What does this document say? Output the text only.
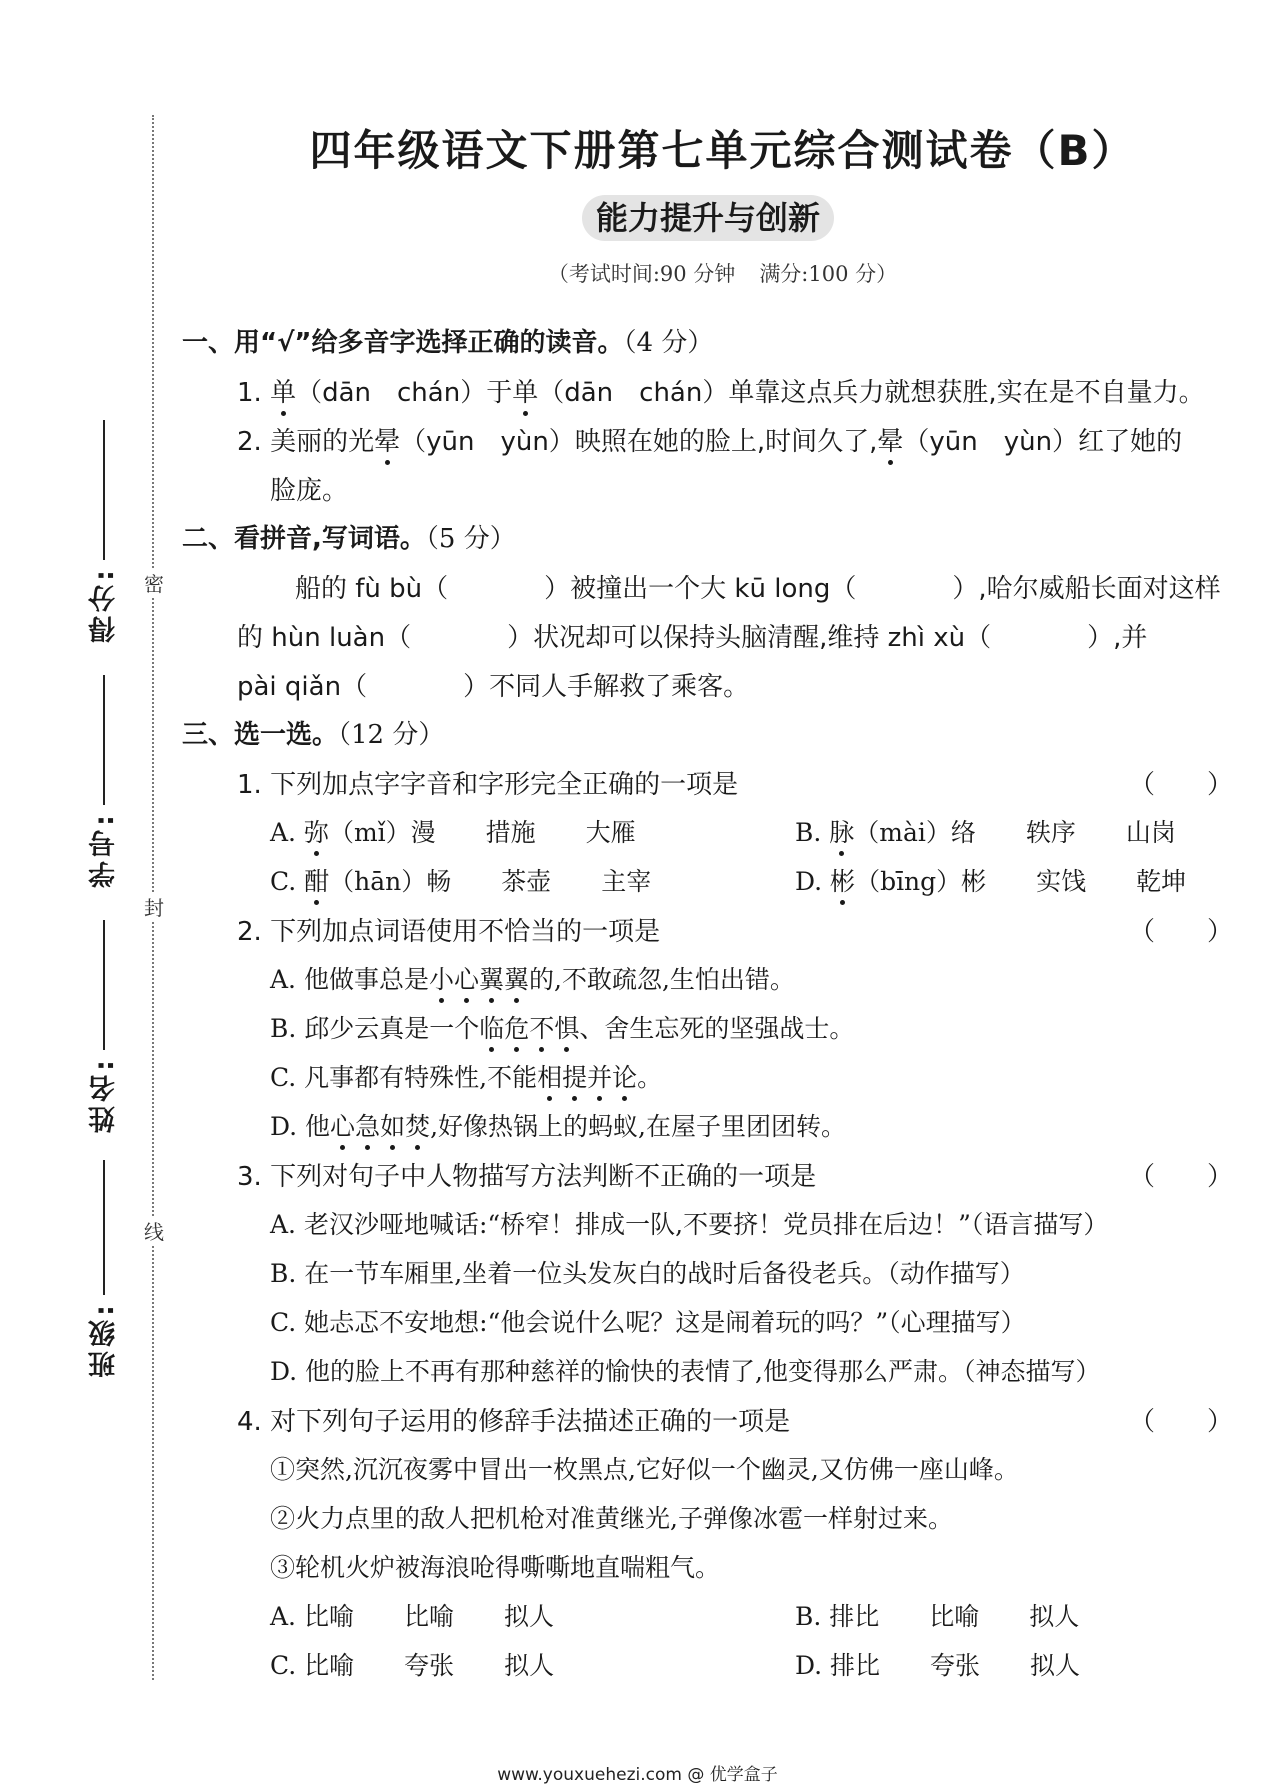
密
封
线
得分:
学号:
姓名:
班级:
四年级语文下册第七单元综合测试卷（B）
能力提升与创新
（考试时间:90 分钟 满分:100 分）
一、用“√”给多音字选择正确的读音。（4 分）
1. 单（dān　chán）于单（dān　chán）单靠这点兵力就想获胜,实在是不自量力。
2. 美丽的光晕（yūn　yùn）映照在她的脸上,时间久了,晕（yūn　yùn）红了她的
脸庞。
二、看拼音,写词语。（5 分）
船的 fù bù（	）被撞出一个大 kū long（	）,哈尔威船长面对这样
的 hùn luàn（	）状况却可以保持头脑清醒,维持 zhì xù（	）,并
pài qiǎn（	）不同人手解救了乘客。
三、选一选。（12 分）
1. 下列加点字字音和字形完全正确的一项是	（　　）
A. 弥（mǐ）漫　　措施　　大雁	B. 脉（mài）络　　轶序　　山岗
C. 酣（hān）畅　　茶壶　　主宰	D. 彬（bīng）彬　　实饯　　乾坤
2. 下列加点词语使用不恰当的一项是	（　　）
A. 他做事总是小心翼翼的,不敢疏忽,生怕出错。
B. 邱少云真是一个临危不惧、舍生忘死的坚强战士。
C. 凡事都有特殊性,不能相提并论。
D. 他心急如焚,好像热锅上的蚂蚁,在屋子里团团转。
3. 下列对句子中人物描写方法判断不正确的一项是	（　　）
A. 老汉沙哑地喊话:“桥窄！排成一队,不要挤！党员排在后边！”（语言描写）
B. 在一节车厢里,坐着一位头发灰白的战时后备役老兵。（动作描写）
C. 她忐忑不安地想:“他会说什么呢？这是闹着玩的吗？”（心理描写）
D. 他的脸上不再有那种慈祥的愉快的表情了,他变得那么严肃。（神态描写）
4. 对下列句子运用的修辞手法描述正确的一项是	（　　）
①突然,沉沉夜雾中冒出一枚黑点,它好似一个幽灵,又仿佛一座山峰。
②火力点里的敌人把机枪对准黄继光,子弹像冰雹一样射过来。
③轮机火炉被海浪呛得嘶嘶地直喘粗气。
A. 比喻　　比喻　　拟人	B. 排比　　比喻　　拟人
C. 比喻　　夸张　　拟人	D. 排比　　夸张　　拟人
www.youxuehezi.com @ 优学盒子
